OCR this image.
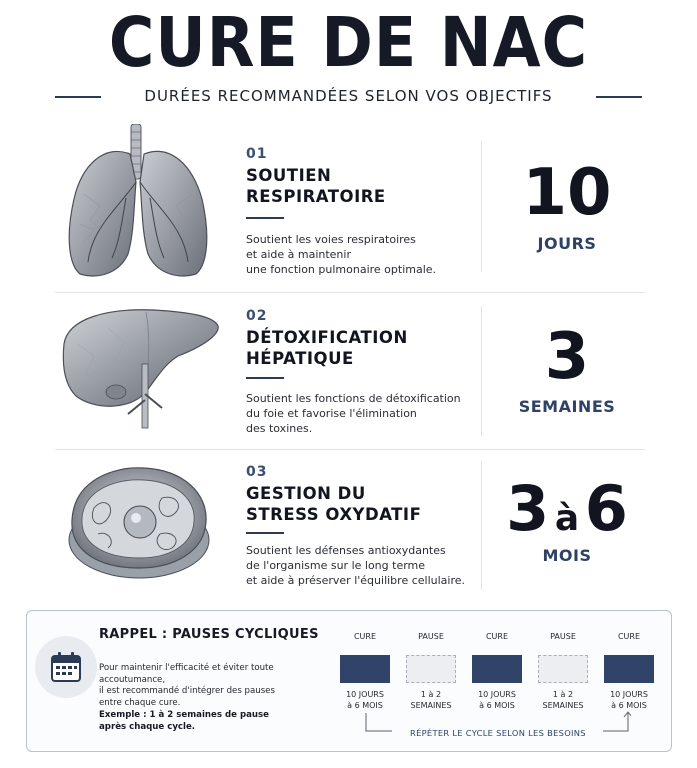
CURE DE NAC
DURÉES RECOMMANDÉES SELON VOS OBJECTIFS
01
SOUTIEN
RESPIRATOIRE
Soutient les voies respiratoires
et aide à maintenir
une fonction pulmonaire optimale.
10
JOURS
02
DÉTOXIFICATION
HÉPATIQUE
Soutient les fonctions de détoxification
du foie et favorise l'élimination
des toxines.
3
SEMAINES
03
GESTION DU
STRESS OXYDATIF
Soutient les défenses antioxydantes
de l'organisme sur le long terme
et aide à préserver l'équilibre cellulaire.
3 à 6
MOIS
RAPPEL : PAUSES CYCLIQUES
Pour maintenir l'efficacité et éviter toute accoutumance,
il est recommandé d'intégrer des pauses
entre chaque cure.
Exemple : 1 à 2 semaines de pause
après chaque cycle.
CURE
10 JOURS
à 6 MOIS
PAUSE
1 à 2
SEMAINES
CURE
10 JOURS
à 6 MOIS
PAUSE
1 à 2
SEMAINES
CURE
10 JOURS
à 6 MOIS
RÉPÉTER LE CYCLE SELON LES BESOINS
